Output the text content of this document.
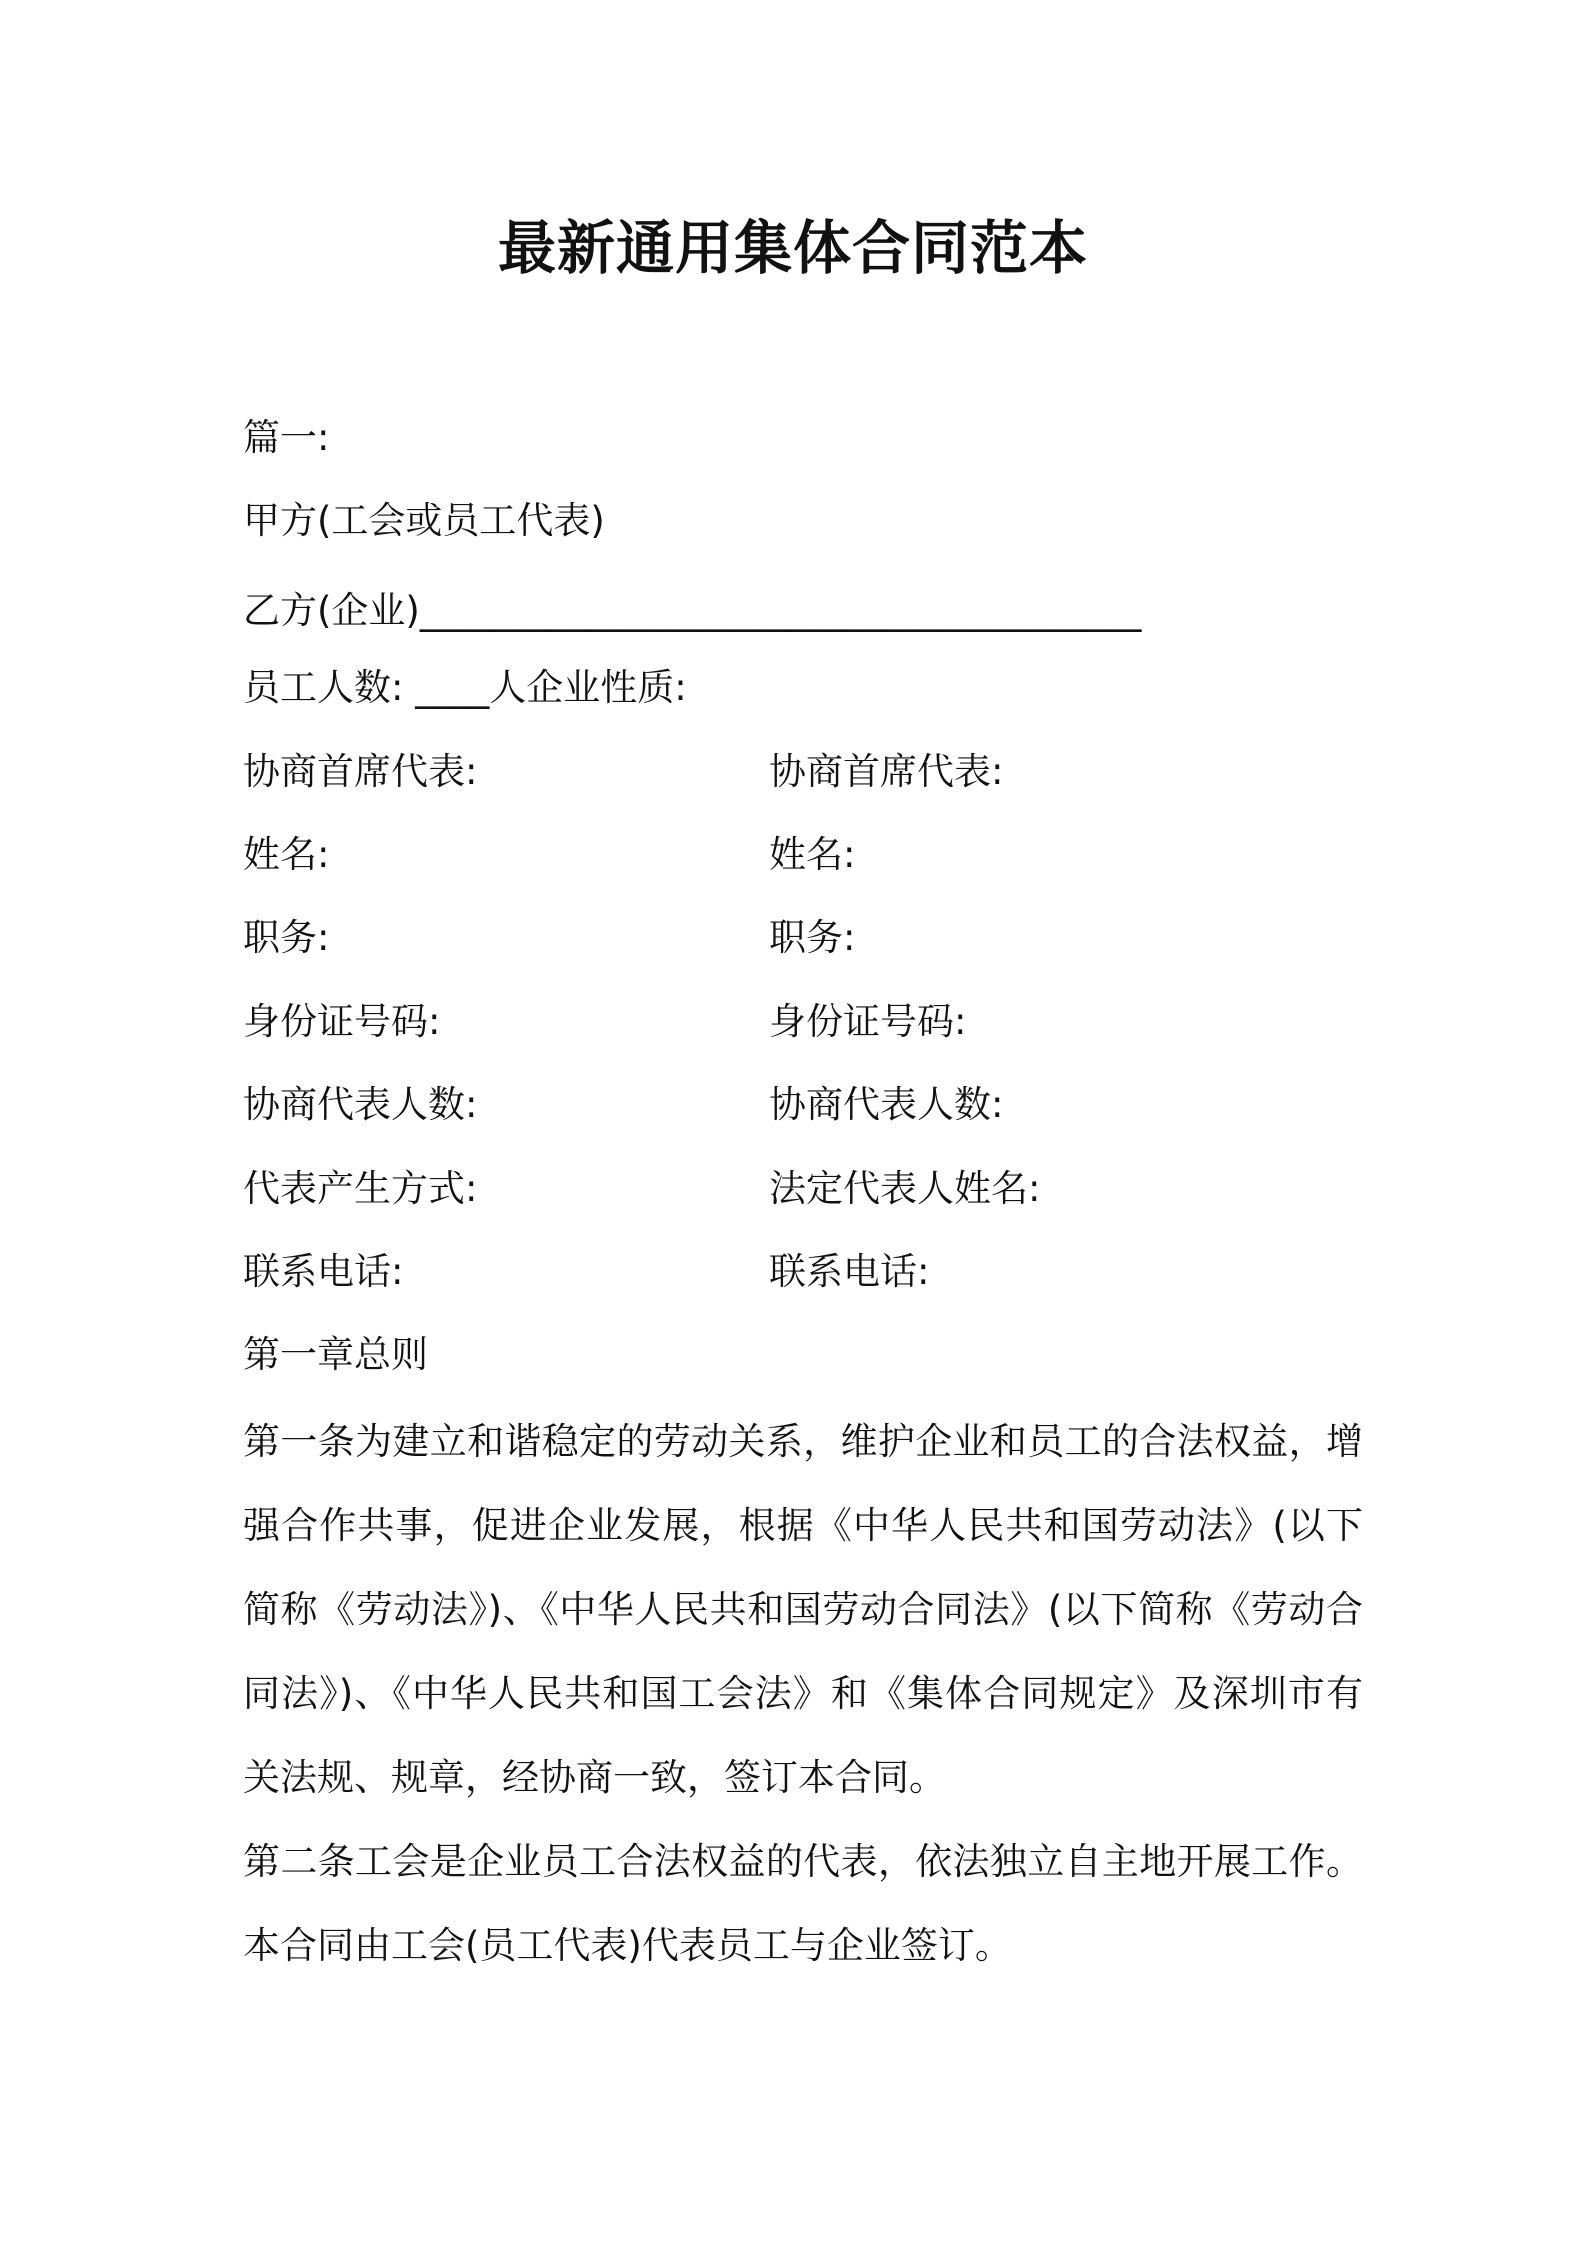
最新通用集体合同范本
篇一:
甲方(工会或员工代表)
乙方(企业)_______________________________________
员工人数: ____人企业性质:
协商首席代表:	协商首席代表:
姓名:	姓名:
职务:	职务:
身份证号码:	身份证号码:
协商代表人数:	协商代表人数:
代表产生方式:	法定代表人姓名:
联系电话:	联系电话:
第一章总则
第一条为建立和谐稳定的劳动关系，维护企业和员工的合法权益，增强合作共事，促进企业发展，根据《中华人民共和国劳动法》(以下简称《劳动法》)、《中华人民共和国劳动合同法》(以下简称《劳动合同法》)、《中华人民共和国工会法》和《集体合同规定》及深圳市有关法规、规章，经协商一致，签订本合同。
第二条工会是企业员工合法权益的代表，依法独立自主地开展工作。本合同由工会(员工代表)代表员工与企业签订。
